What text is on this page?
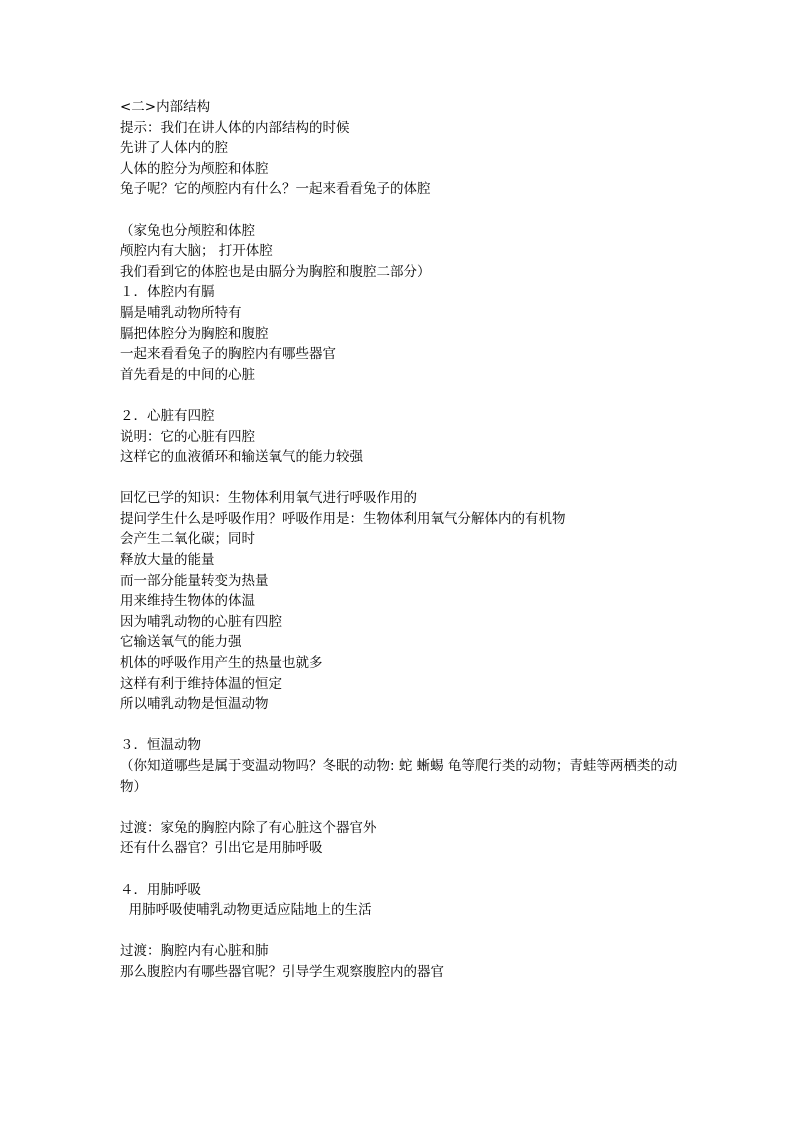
<二>内部结构
提示：我们在讲人体的内部结构的时候
先讲了人体内的腔
人体的腔分为颅腔和体腔
兔子呢？它的颅腔内有什么？一起来看看兔子的体腔
（家兔也分颅腔和体腔
颅腔内有大脑； 打开体腔
我们看到它的体腔也是由膈分为胸腔和腹腔二部分）
１．体腔内有膈
膈是哺乳动物所特有
膈把体腔分为胸腔和腹腔
一起来看看兔子的胸腔内有哪些器官
首先看是的中间的心脏
２．心脏有四腔
说明：它的心脏有四腔
这样它的血液循环和输送氧气的能力较强
回忆已学的知识：生物体利用氧气进行呼吸作用的
提问学生什么是呼吸作用？呼吸作用是：生物体利用氧气分解体内的有机物
会产生二氧化碳；同时
释放大量的能量
而一部分能量转变为热量
用来维持生物体的体温
因为哺乳动物的心脏有四腔
它输送氧气的能力强
机体的呼吸作用产生的热量也就多
这样有利于维持体温的恒定
所以哺乳动物是恒温动物
３．恒温动物
（你知道哪些是属于变温动物吗？冬眠的动物: 蛇 蜥蜴 龟等爬行类的动物；青蛙等两栖类的动物）
过渡：家兔的胸腔内除了有心脏这个器官外
还有什么器官？引出它是用肺呼吸
４．用肺呼吸
用肺呼吸使哺乳动物更适应陆地上的生活
过渡：胸腔内有心脏和肺
那么腹腔内有哪些器官呢？引导学生观察腹腔内的器官
